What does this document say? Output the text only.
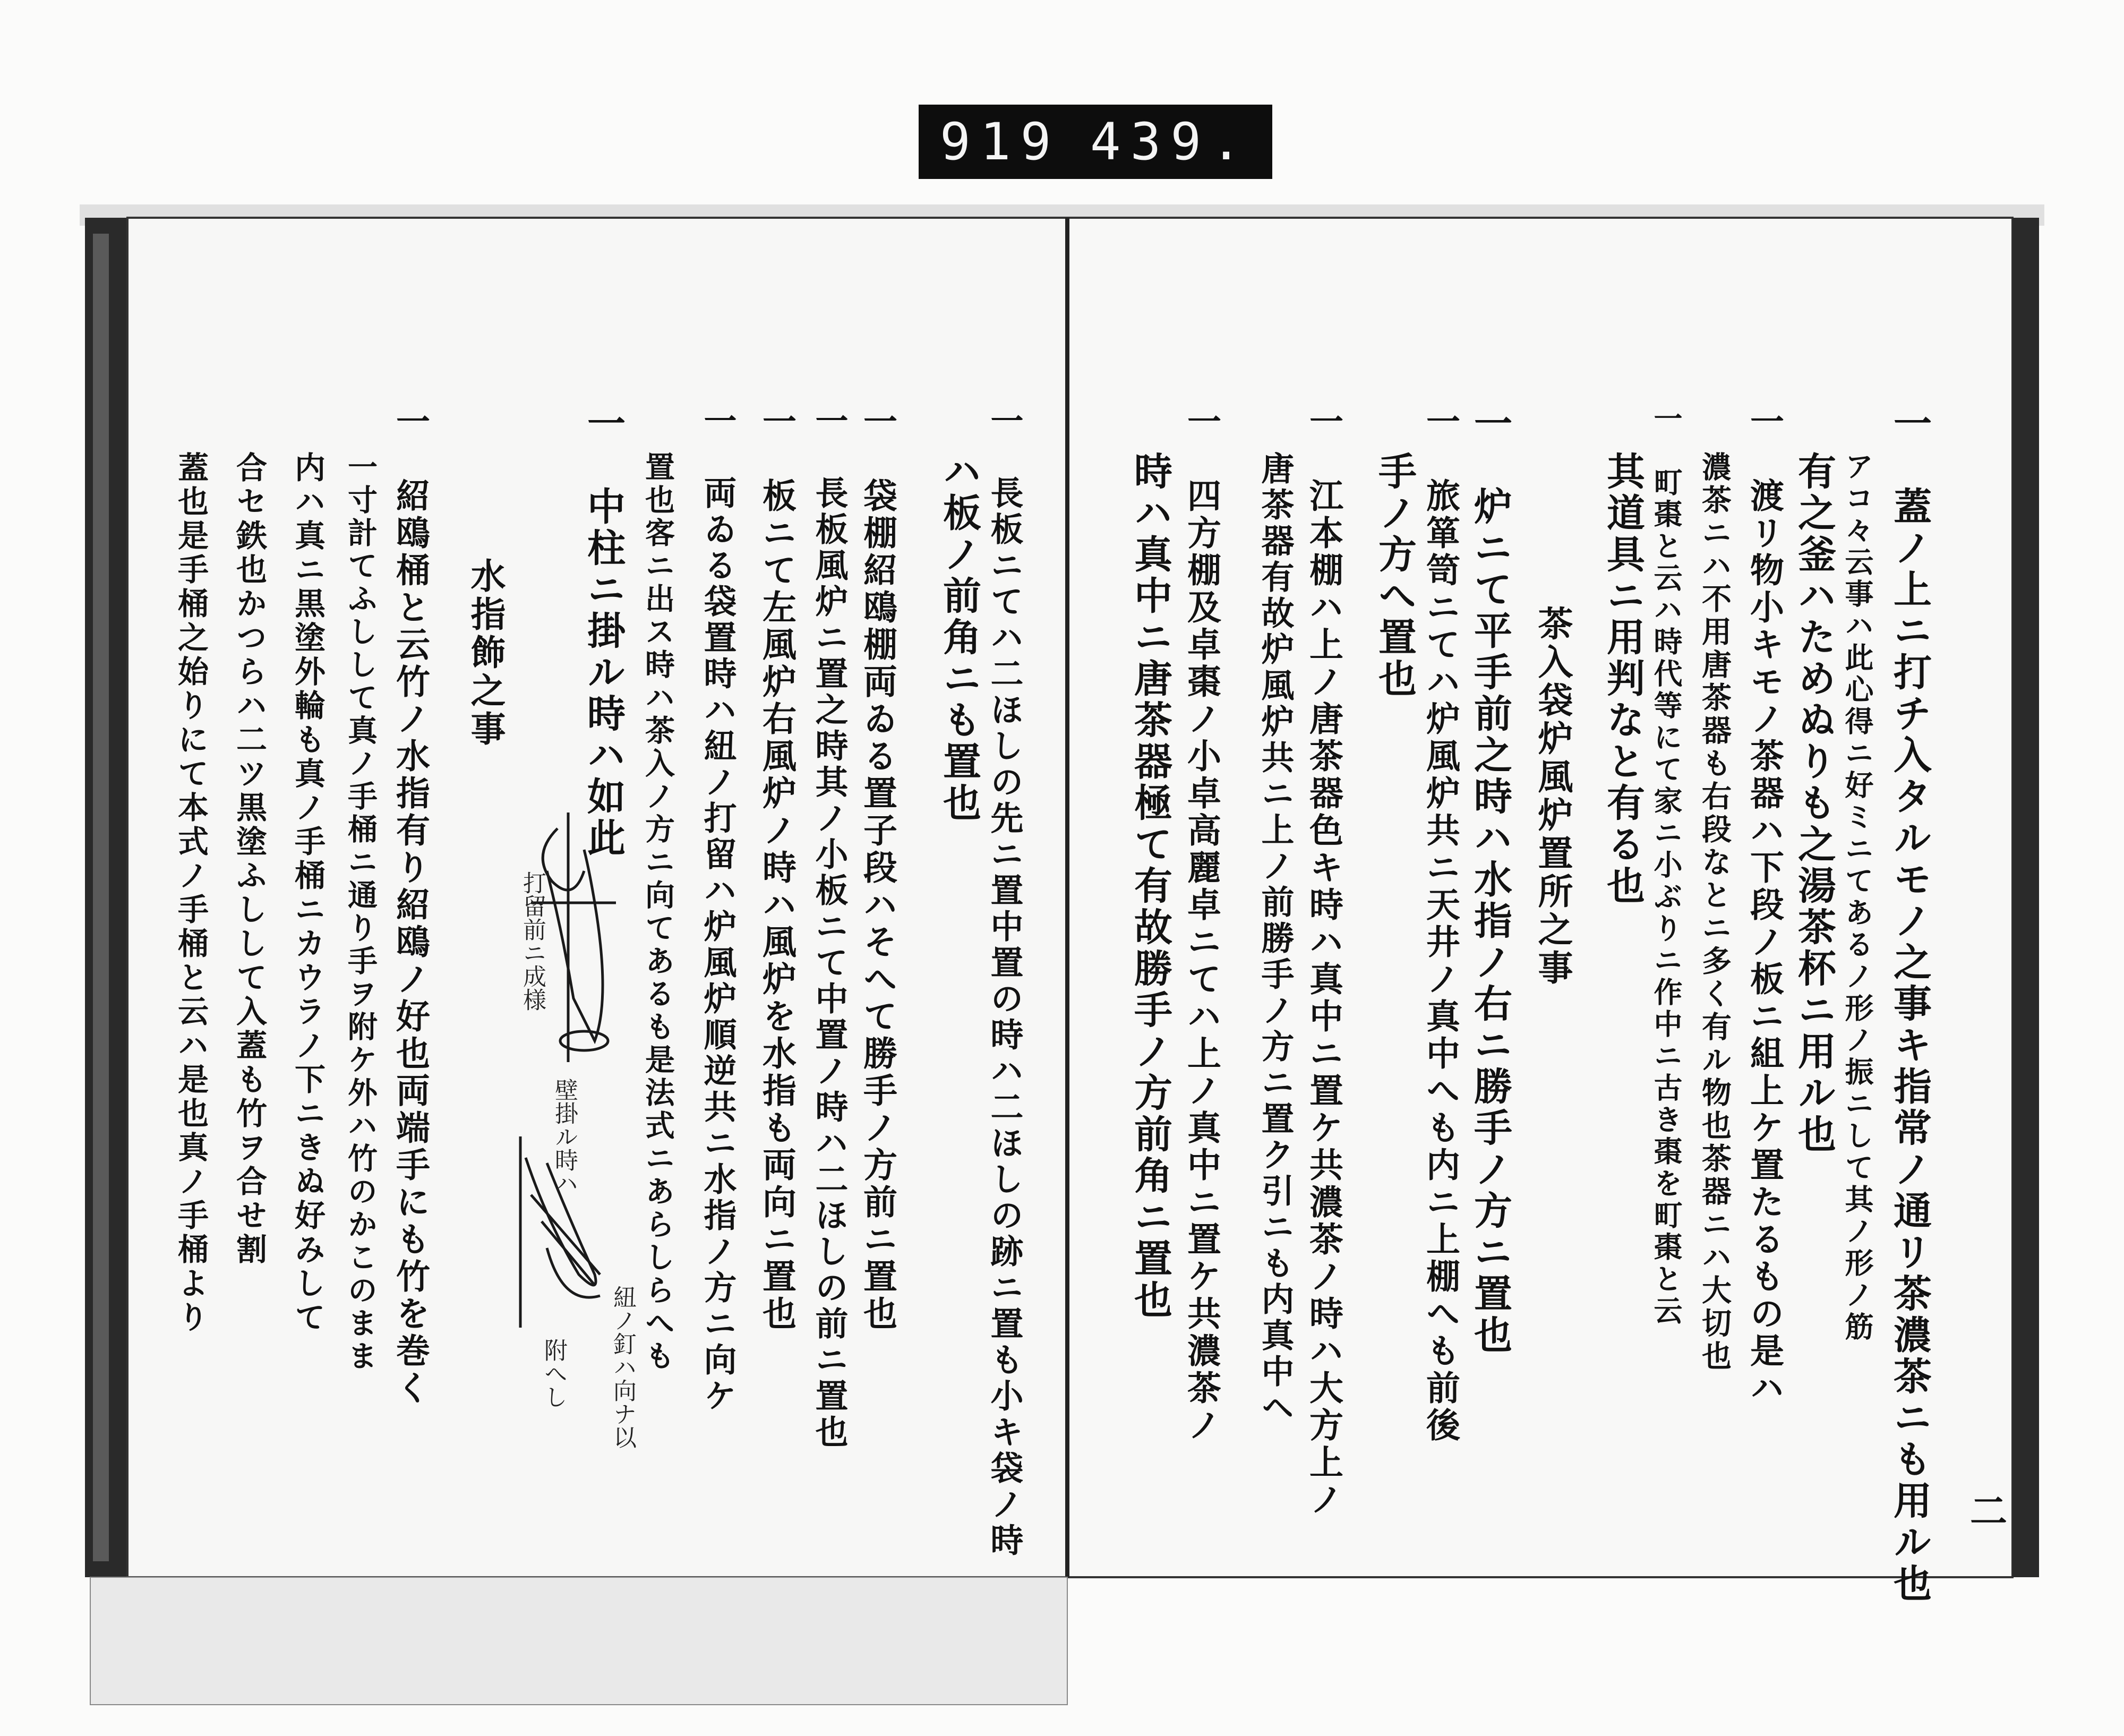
919 439.
一　蓋ノ上ニ打チ入タルモノ之事キ指常ノ通リ茶濃茶ニも用ル也
アコ々云事ハ此心得ニ好ミニてあるノ形ノ振ニして其ノ形ノ筋
有之釜ハためぬりも之湯茶杯ニ用ル也
一　渡リ物小キモノ茶器ハ下段ノ板ニ組上ケ置たるもの是ハ
濃茶ニハ不用唐茶器も右段なとニ多く有ル物也茶器ニハ大切也
一　町棗と云ハ時代等にて家ニ小ぶりニ作中ニ古き棗を町棗と云
其道具ニ用判なと有る也
茶入袋炉風炉置所之事
一　旅箪笥ニてハ炉風炉共ニ天井ノ真中へも内ニ上棚へも前後
手ノ方へ置也 一　炉ニて平手前之時ハ水指ノ右ニ勝手ノ方ニ置也
一　江本棚ハ上ノ唐茶器色キ時ハ真中ニ置ケ共濃茶ノ時ハ大方上ノ
唐茶器有故炉風炉共ニ上ノ前勝手ノ方ニ置ク引ニも内真中ヘ
一　四方棚及卓棗ノ小卓高麗卓ニてハ上ノ真中ニ置ケ共濃茶ノ
時ハ真中ニ唐茶器極て有故勝手ノ方前角ニ置也
一　長板ニてハ二ほしの先ニ置中置の時ハ二ほしの跡ニ置も小キ袋ノ時
ハ板ノ前角ニも置也
一　袋棚紹鴎棚両ゐる置子段ハそへて勝手ノ方前ニ置也
一　長板風炉ニ置之時其ノ小板ニて中置ノ時ハ二ほしの前ニ置也
一　板ニて左風炉右風炉ノ時ハ風炉を水指も両向ニ置也
一　両ゐる袋置時ハ紐ノ打留ハ炉風炉順逆共ニ水指ノ方ニ向ケ
置也客ニ出ス時ハ茶入ノ方ニ向てあるも是法式ニあらしらへも
一　中柱ニ掛ル時ハ如此
打留前ニ成様
壁掛ル時ハ
紐ノ釘ハ向ナ以
附へし
水指飾之事
一　紹鴎桶と云竹ノ水指有り紹鴎ノ好也両端手にも竹を巻く
一寸計てふしして真ノ手桶ニ通り手ヲ附ケ外ハ竹のかこのまま
内ハ真ニ黒塗外輪も真ノ手桶ニカウラノ下ニきぬ好みして
合セ鉄也かつらハ二ツ黒塗ふしして入蓋も竹ヲ合せ割
蓋也是手桶之始りにて本式ノ手桶と云ハ是也真ノ手桶より
二
